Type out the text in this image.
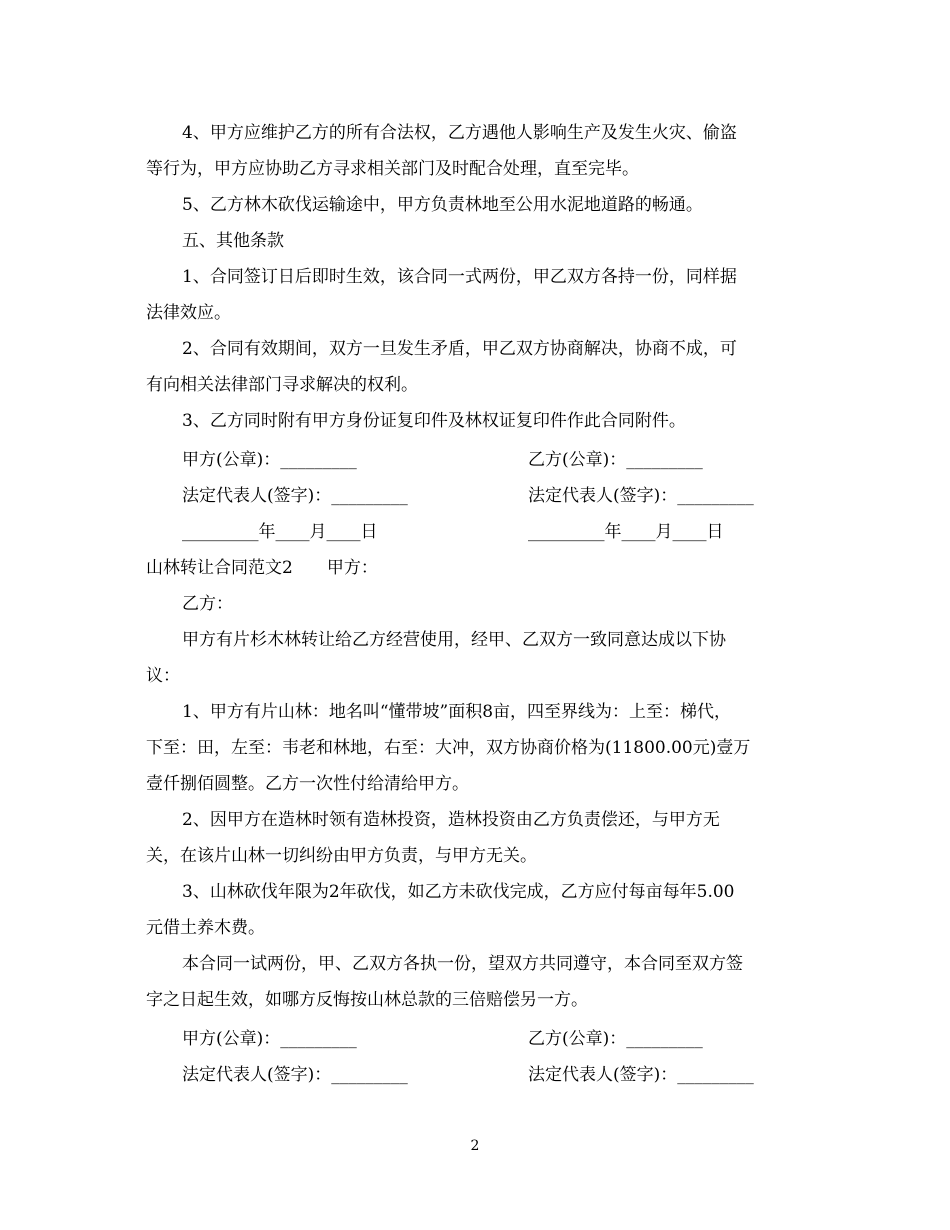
4、甲方应维护乙方的所有合法权，乙方遇他人影响生产及发生火灾、偷盗
等行为，甲方应协助乙方寻求相关部门及时配合处理，直至完毕。
5、乙方林木砍伐运输途中，甲方负责林地至公用水泥地道路的畅通。
五、其他条款
1、合同签订日后即时生效，该合同一式两份，甲乙双方各持一份，同样据
法律效应。
2、合同有效期间，双方一旦发生矛盾，甲乙双方协商解决，协商不成，可
有向相关法律部门寻求解决的权利。
3、乙方同时附有甲方身份证复印件及林权证复印件作此合同附件。
甲方(公章)：_________	乙方(公章)：_________
法定代表人(签字)：_________	法定代表人(签字)：_________
_________年____月____日	_________年____月____日
山林转让合同范文2　　甲方：
乙方：
甲方有片杉木林转让给乙方经营使用，经甲、乙双方一致同意达成以下协
议：
1、甲方有片山林：地名叫“懂带坡”面积8亩，四至界线为：上至：梯代，
下至：田，左至：韦老和林地，右至：大冲，双方协商价格为(11800.00元)壹万
壹仟捌佰圆整。乙方一次性付给清给甲方。
2、因甲方在造林时领有造林投资，造林投资由乙方负责偿还，与甲方无
关，在该片山林一切纠纷由甲方负责，与甲方无关。
3、山林砍伐年限为2年砍伐，如乙方未砍伐完成，乙方应付每亩每年5.00
元借土养木费。
本合同一试两份，甲、乙双方各执一份，望双方共同遵守，本合同至双方签
字之日起生效，如哪方反悔按山林总款的三倍赔偿另一方。
甲方(公章)：_________	乙方(公章)：_________
法定代表人(签字)：_________	法定代表人(签字)：_________
2
